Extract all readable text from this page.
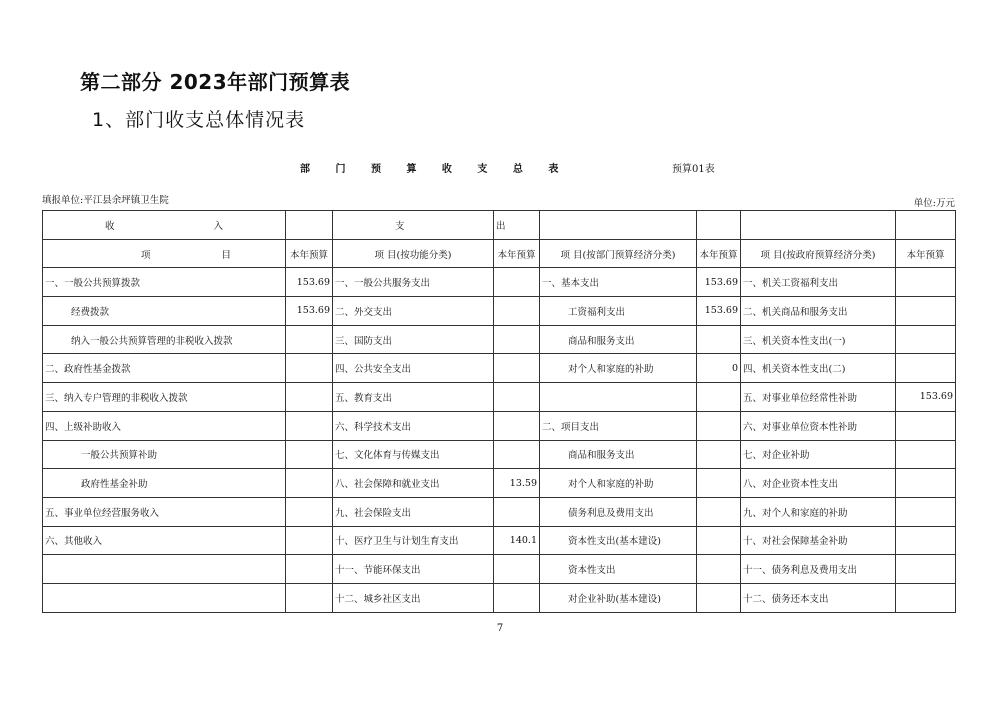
第二部分 2023年部门预算表
1、部门收支总体情况表
部 门 预 算 收 支 总 表	预算01表
填报单位:平江县余坪镇卫生院	单位:万元
收 入		支	出				

项 目	本年预算	项 目(按功能分类)	本年预算	项 目(按部门预算经济分类)	本年预算	项 目(按政府预算经济分类)	本年预算
一、一般公共预算拨款	153.69	一、一般公共服务支出		一、基本支出	153.69	一、机关工资福利支出	
经费拨款	153.69	二、外交支出		工资福利支出	153.69	二、机关商品和服务支出	
纳入一般公共预算管理的非税收入拨款		三、国防支出		商品和服务支出		三、机关资本性支出(一)	
二、政府性基金拨款		四、公共安全支出		对个人和家庭的补助	0	四、机关资本性支出(二)	
三、纳入专户管理的非税收入拨款		五、教育支出				五、对事业单位经常性补助	153.69
四、上级补助收入		六、科学技术支出		二、项目支出		六、对事业单位资本性补助	
一般公共预算补助		七、文化体育与传媒支出		商品和服务支出		七、对企业补助	
政府性基金补助		八、社会保障和就业支出	13.59	对个人和家庭的补助		八、对企业资本性支出	
五、事业单位经营服务收入		九、社会保险支出		债务利息及费用支出		九、对个人和家庭的补助	
六、其他收入		十、医疗卫生与计划生育支出	140.1	资本性支出(基本建设)		十、对社会保障基金补助	
		十一、节能环保支出		资本性支出		十一、债务利息及费用支出	
		十二、城乡社区支出		对企业补助(基本建设)		十二、债务还本支出	
7
